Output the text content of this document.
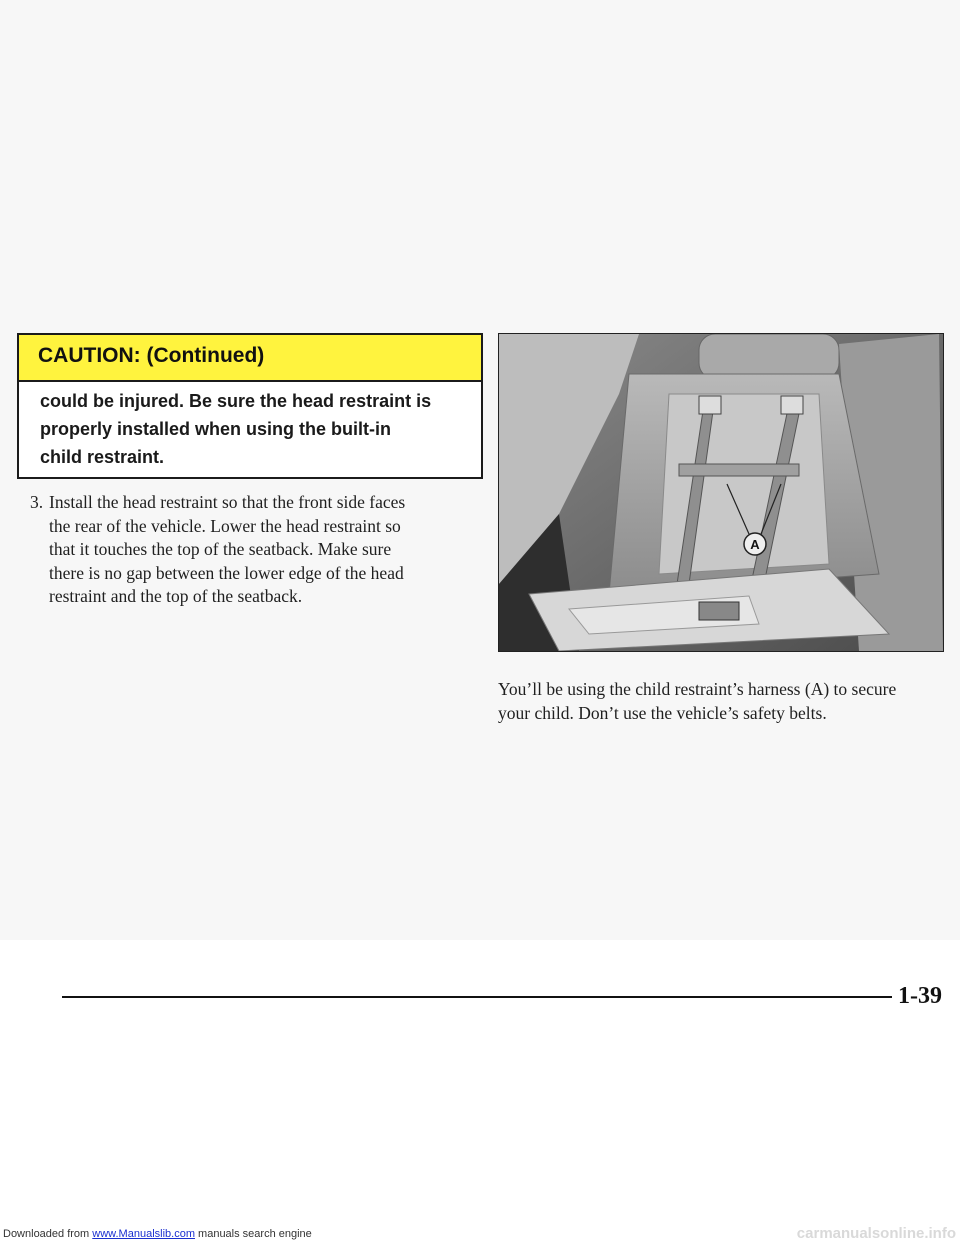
CAUTION: (Continued)
could be injured. Be sure the head restraint is
properly installed when using the built-in
child restraint.
3. Install the head restraint so that the front side faces
the rear of the vehicle. Lower the head restraint so
that it touches the top of the seatback. Make sure
there is no gap between the lower edge of the head
restraint and the top of the seatback.
A
You’ll be using the child restraint’s harness (A) to secure
your child. Don’t use the vehicle’s safety belts.
1-39
Downloaded from www.Manualslib.com manuals search engine	carmanualsonline.info
